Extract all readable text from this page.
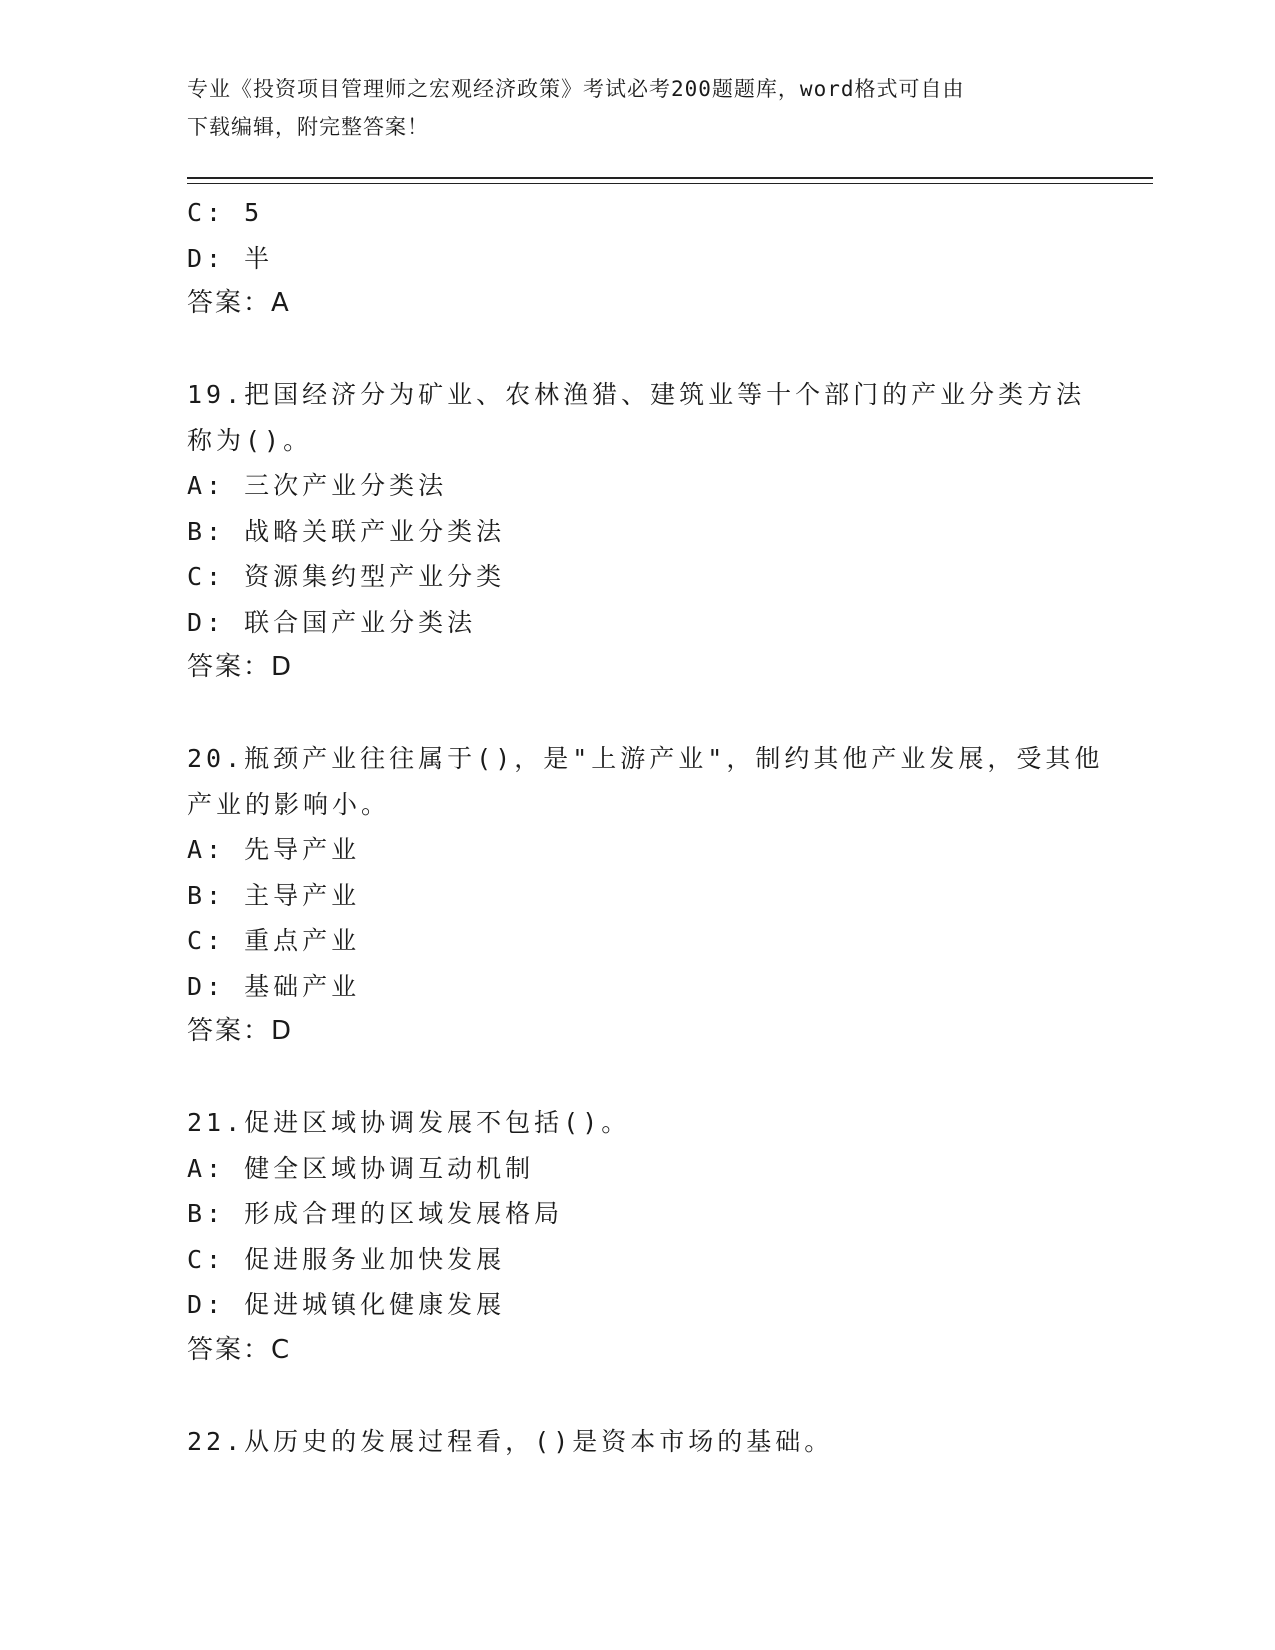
专业《投资项目管理师之宏观经济政策》考试必考200题题库，word格式可自由
下载编辑，附完整答案！
C: 5
D: 半
答案：A
19.把国经济分为矿业、农林渔猎、建筑业等十个部门的产业分类方法
称为()。
A: 三次产业分类法
B: 战略关联产业分类法
C: 资源集约型产业分类
D: 联合国产业分类法
答案：D
20.瓶颈产业往往属于()，是"上游产业"，制约其他产业发展，受其他
产业的影响小。
A: 先导产业
B: 主导产业
C: 重点产业
D: 基础产业
答案：D
21.促进区域协调发展不包括()。
A: 健全区域协调互动机制
B: 形成合理的区域发展格局
C: 促进服务业加快发展
D: 促进城镇化健康发展
答案：C
22.从历史的发展过程看，()是资本市场的基础。
